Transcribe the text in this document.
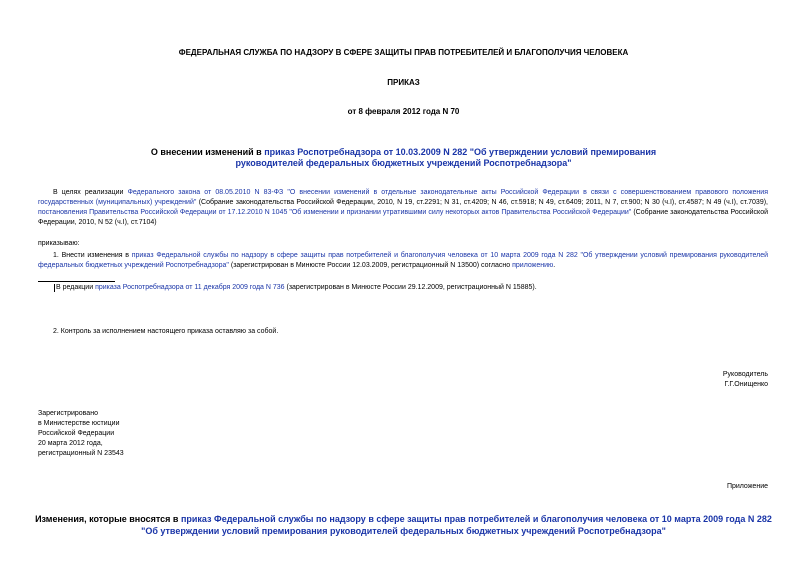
ФЕДЕРАЛЬНАЯ СЛУЖБА ПО НАДЗОРУ В СФЕРЕ ЗАЩИТЫ ПРАВ ПОТРЕБИТЕЛЕЙ И БЛАГОПОЛУЧИЯ ЧЕЛОВЕКА
ПРИКАЗ
от 8 февраля 2012 года N 70
О внесении изменений в приказ Роспотребнадзора от 10.03.2009 N 282 "Об утверждении условий премирования руководителей федеральных бюджетных учреждений Роспотребнадзора"
В целях реализации Федерального закона от 08.05.2010 N 83-ФЗ "О внесении изменений в отдельные законодательные акты Российской Федерации в связи с совершенствованием правового положения государственных (муниципальных) учреждений" (Собрание законодательства Российской Федерации, 2010, N 19, ст.2291; N 31, ст.4209; N 46, ст.5918; N 49, ст.6409; 2011, N 7, ст.900; N 30 (ч.I), ст.4587; N 49 (ч.I), ст.7039), постановления Правительства Российской Федерации от 17.12.2010 N 1045 "Об изменении и признании утратившими силу некоторых актов Правительства Российской Федерации" (Собрание законодательства Российской Федерации, 2010, N 52 (ч.I), ст.7104)
приказываю:
1. Внести изменения в приказ Федеральной службы по надзору в сфере защиты прав потребителей и благополучия человека от 10 марта 2009 года N 282 "Об утверждении условий премирования руководителей федеральных бюджетных учреждений Роспотребнадзора" (зарегистрирован в Минюсте России 12.03.2009, регистрационный N 13500) согласно приложению.
В редакции приказа Роспотребнадзора от 11 декабря 2009 года N 736 (зарегистрирован в Минюсте России 29.12.2009, регистрационный N 15885).
2. Контроль за исполнением настоящего приказа оставляю за собой.
Руководитель
Г.Г.Онищенко
Зарегистрировано
в Министерстве юстиции
Российской Федерации
20 марта 2012 года,
регистрационный N 23543
Приложение
Изменения, которые вносятся в приказ Федеральной службы по надзору в сфере защиты прав потребителей и благополучия человека от 10 марта 2009 года N 282
"Об утверждении условий премирования руководителей федеральных бюджетных учреждений Роспотребнадзора"
